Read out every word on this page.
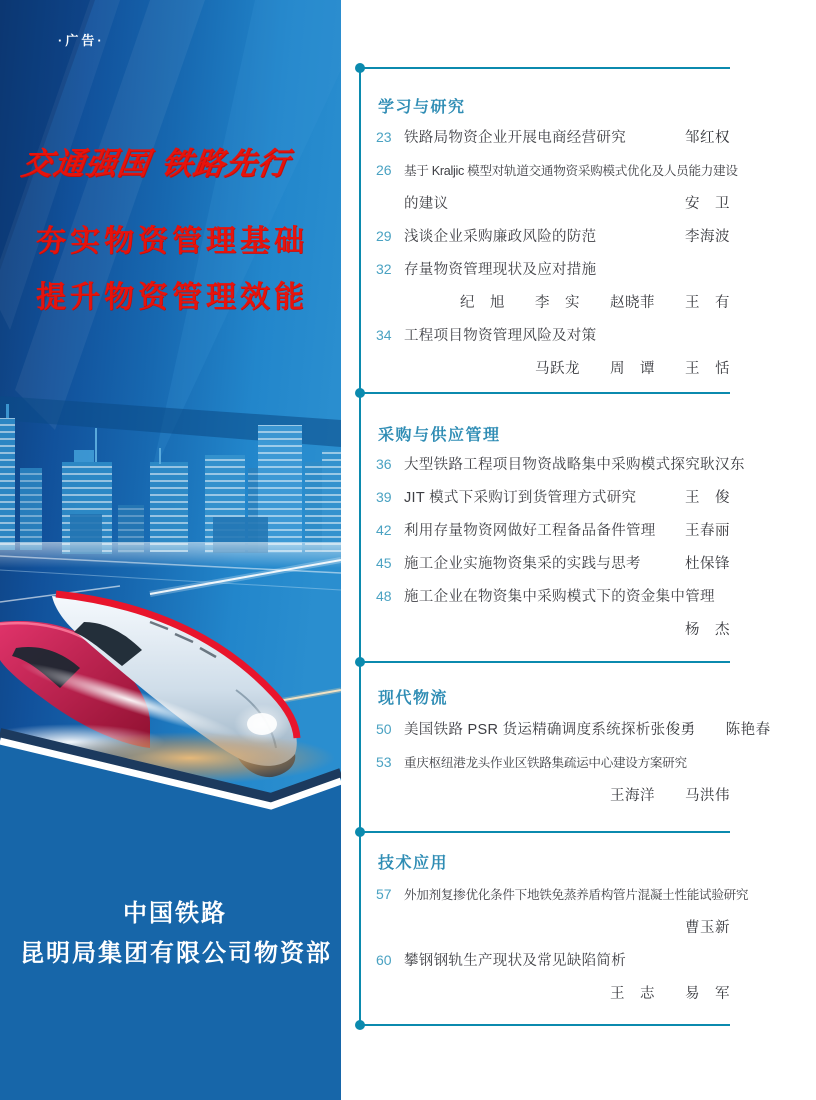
·广告·
交通强国 铁路先行
夯实物资管理基础
提升物资管理效能
中国铁路
昆明局集团有限公司物资部
学习与研究
23 铁路局物资企业开展电商经营研究	邹红权
26 基于 Kraljic 模型对轨道交通物资采购模式优化及人员能力建设
的建议	安　卫
29 浅谈企业采购廉政风险的防范	李海波
32 存量物资管理现状及应对措施
纪　旭　　李　实　　赵晓菲　　王　有
34 工程项目物资管理风险及对策
马跃龙　　周　谭　　王　恬
采购与供应管理
36 大型铁路工程项目物资战略集中采购模式探究 耿汉东
39 JIT 模式下采购订到货管理方式研究	王　俊
42 利用存量物资网做好工程备品备件管理 王春丽
45 施工企业实施物资集采的实践与思考	杜保锋
48 施工企业在物资集中采购模式下的资金集中管理
杨　杰
现代物流
50 美国铁路 PSR 货运精确调度系统探析 张俊勇　　陈艳春
53 重庆枢纽港龙头作业区铁路集疏运中心建设方案研究
王海洋　　马洪伟
技术应用
57 外加剂复掺优化条件下地铁免蒸养盾构管片混凝土性能试验研究
曹玉新
60 攀钢钢轨生产现状及常见缺陷简析
王　志　　易　军
